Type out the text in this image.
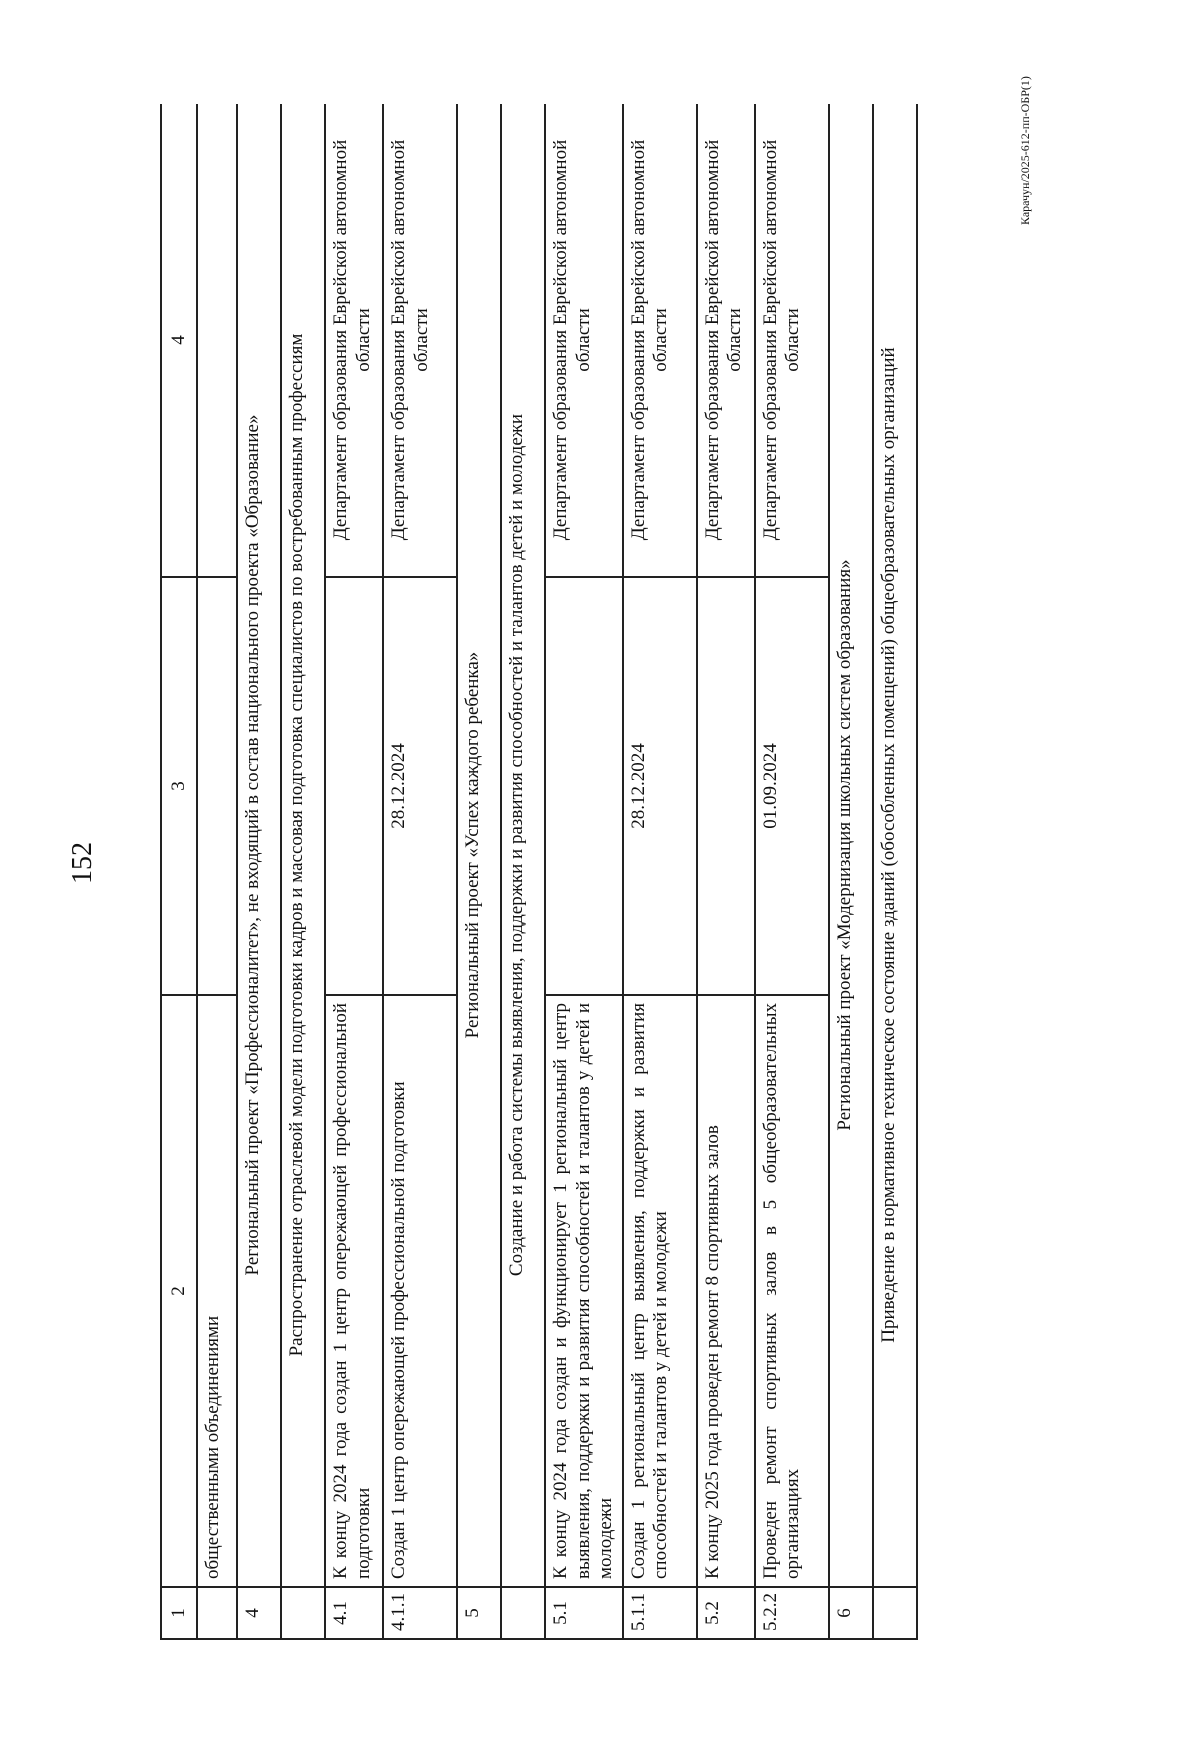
152
1	2	3	4
	общественными объединениями		
4	Региональный проект «Профессионалитет», не входящий в состав национального проекта «Образование»		
	Распространение отраслевой модели подготовки кадров и массовая подготовка специалистов по востребованным профессиям		
4.1	К концу 2024 года создан 1 центр опережающей профессиональной подготовки		Департамент образования Еврейской автономной области
4.1.1	Создан 1 центр опережающей профессиональной подготовки	28.12.2024	Департамент образования Еврейской автономной области
5	Региональный проект «Успех каждого ребенка»		
	Создание и работа системы выявления, поддержки и развития способностей и талантов детей и молодежи		
5.1	К концу 2024 года создан и функционирует 1 региональный центр выявления, поддержки и развития способностей и талантов у детей и молодежи		Департамент образования Еврейской автономной области
5.1.1	Создан 1 региональный центр выявления, поддержки и развития способностей и талантов у детей и молодежи	28.12.2024	Департамент образования Еврейской автономной области
5.2	К концу 2025 года проведен ремонт 8 спортивных залов		Департамент образования Еврейской автономной области
5.2.2	Проведен ремонт спортивных залов в 5 общеобразовательных организациях	01.09.2024	Департамент образования Еврейской автономной области
6	Региональный проект «Модернизация школьных систем образования»		
	Приведение в нормативное техническое состояние зданий (обособленных помещений) общеобразовательных организаций		
Карачун/2025-612-пп-ОБР(1)
